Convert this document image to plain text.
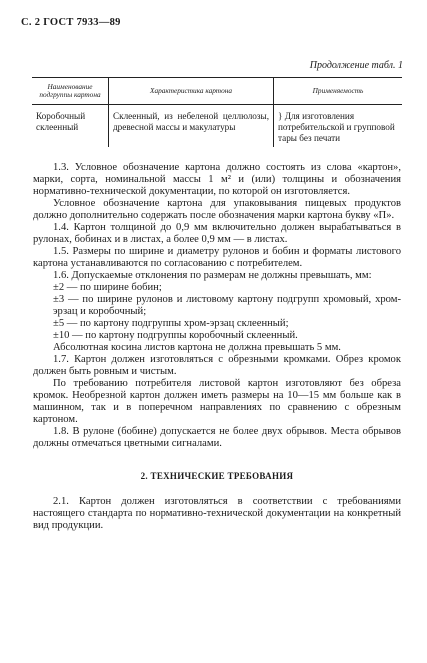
С. 2 ГОСТ 7933—89
Продолжение табл. 1
Наименование подгруппы картона	Характеристика картона	Применяемость
Коробочный склеенный	Склеенный, из небеленой целлюлозы, древесной массы и макулатуры	} Для изготовления потребительской и групповой тары без печати

1.3. Условное обозначение картона должно состоять из слова «картон», марки, сорта, номинальной массы 1 м² и (или) толщины и обозначения нормативно-технической документации, по которой он изготовляется.

Условное обозначение картона для упаковывания пищевых продуктов должно дополнительно содержать после обозначения марки картона букву «П».

1.4. Картон толщиной до 0,9 мм включительно должен вырабатываться в рулонах, бобинах и в листах, а более 0,9 мм — в листах.

1.5. Размеры по ширине и диаметру рулонов и бобин и форматы листового картона устанавливаются по согласованию с потребителем.

1.6. Допускаемые отклонения по размерам не должны превышать, мм:

±2 — по ширине бобин;

±3 — по ширине рулонов и листовому картону подгрупп хромовый, хром-эрзац и коробочный;

±5 — по картону подгруппы хром-эрзац склеенный;

±10 — по картону подгруппы коробочный склеенный.

Абсолютная косина листов картона не должна превышать 5 мм.

1.7. Картон должен изготовляться с обрезными кромками. Обрез кромок должен быть ровным и чистым.

По требованию потребителя листовой картон изготовляют без обреза кромок. Необрезной картон должен иметь размеры на 10—15 мм больше как в машинном, так и в поперечном направлениях по сравнению с обрезным картоном.

1.8. В рулоне (бобине) допускается не более двух обрывов. Места обрывов должны отмечаться цветными сигналами.

2. ТЕХНИЧЕСКИЕ ТРЕБОВАНИЯ

2.1. Картон должен изготовляться в соответствии с требованиями настоящего стандарта по нормативно-технической документации на конкретный вид продукции.
